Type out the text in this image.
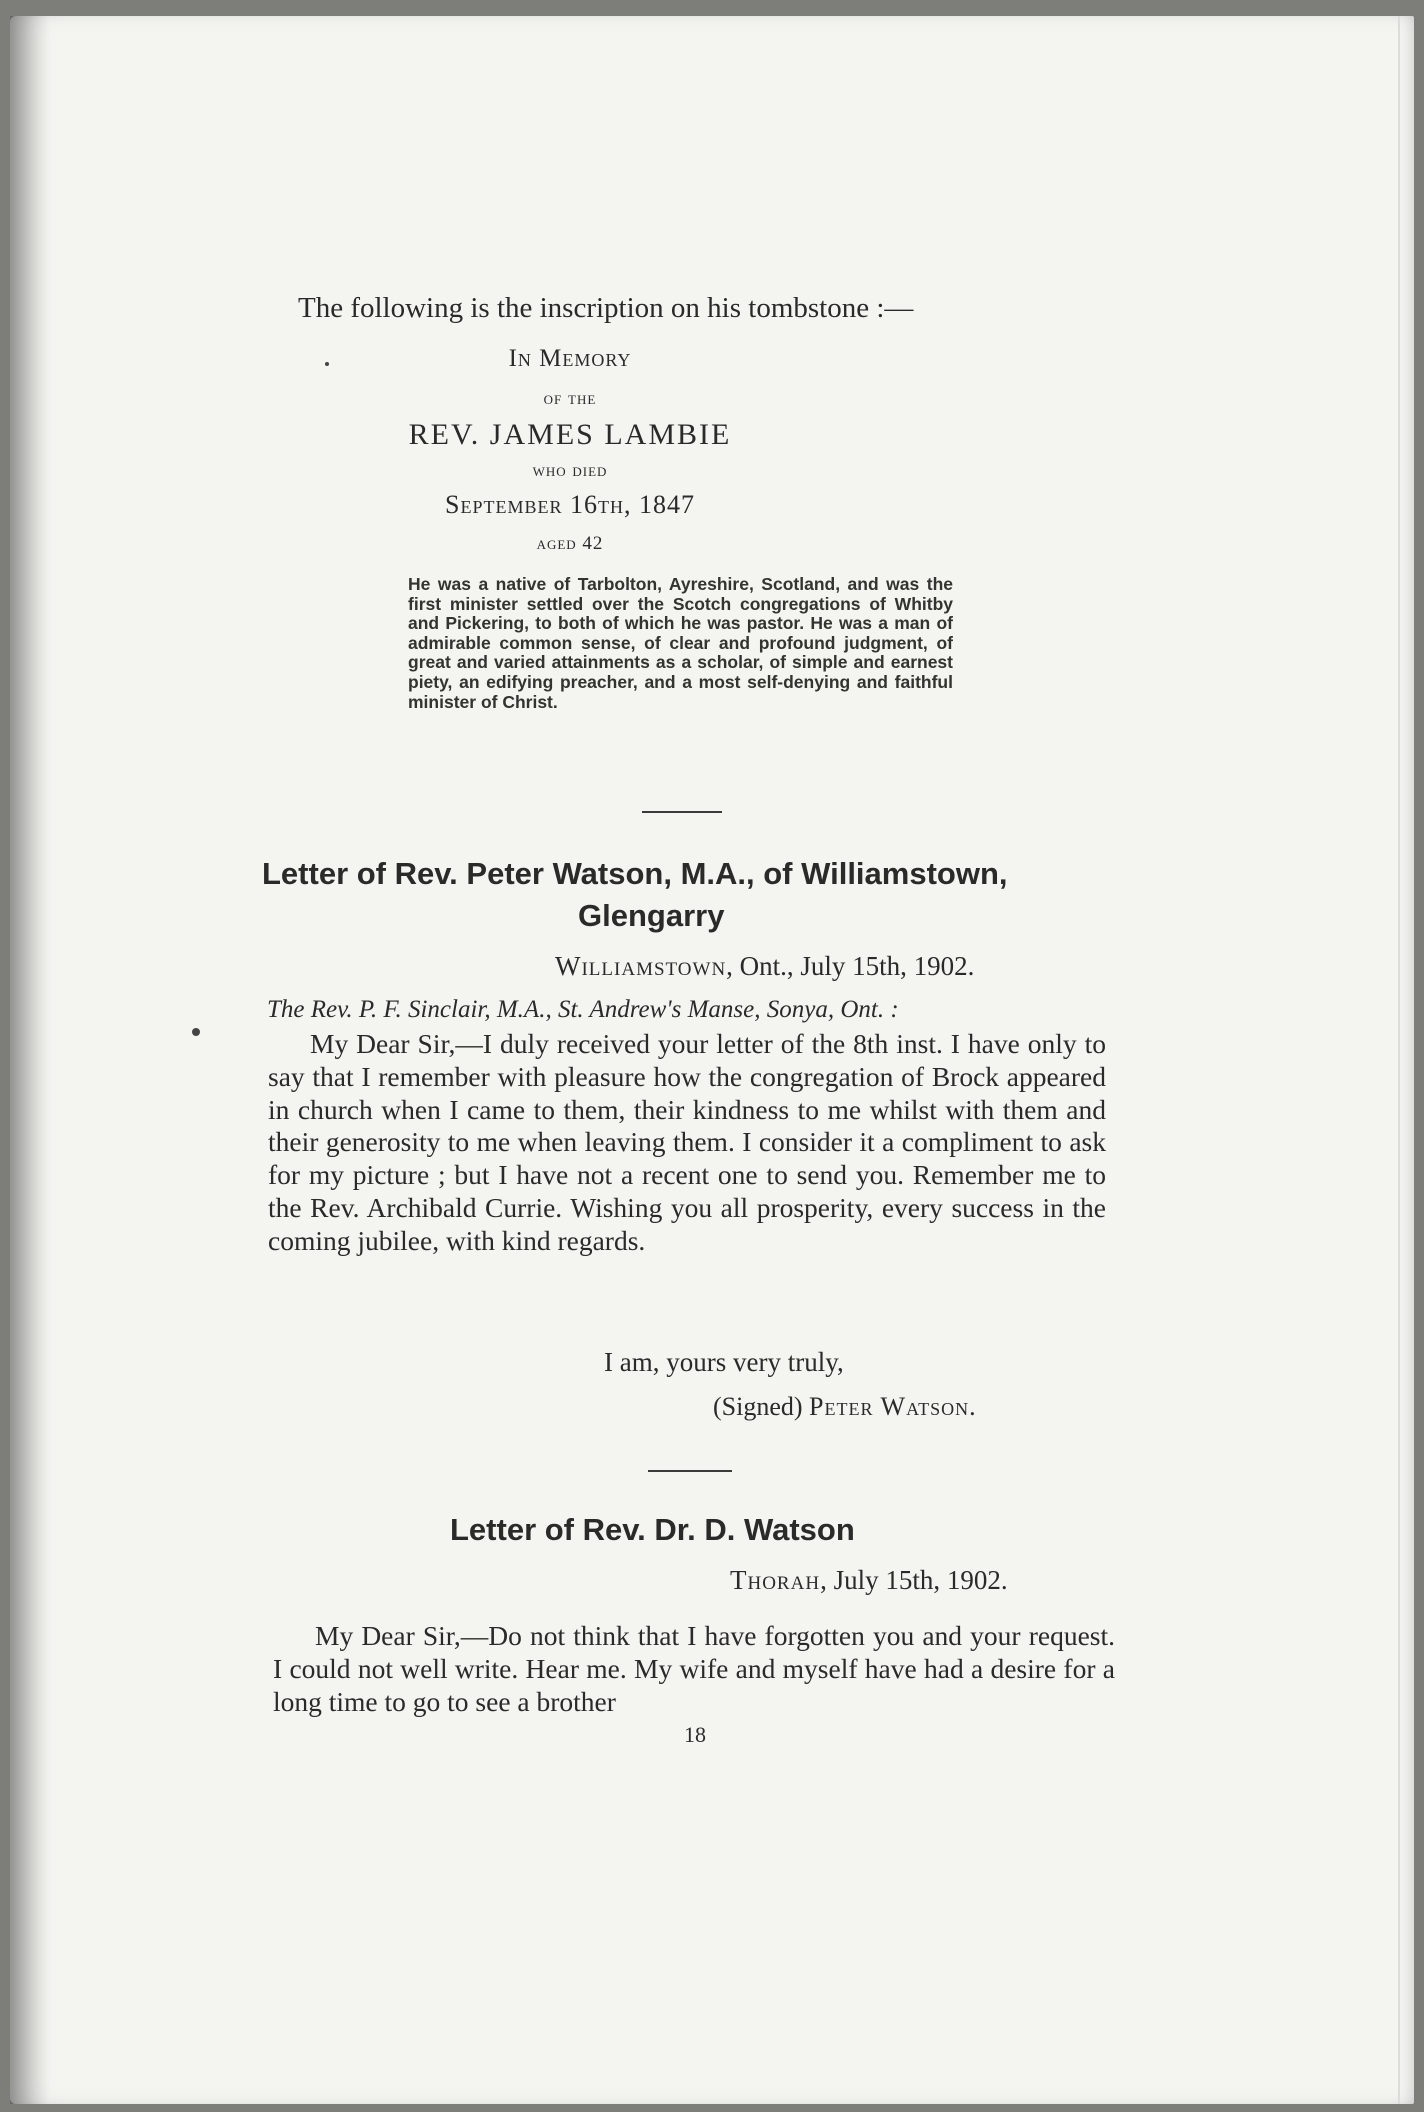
The following is the inscription on his tombstone :—
In Memory
of the
REV. JAMES LAMBIE
who died
September 16th, 1847
aged 42
He was a native of Tarbolton, Ayreshire, Scotland, and was the first minister settled over the Scotch congregations of Whitby and Pickering, to both of which he was pastor. He was a man of admirable common sense, of clear and profound judgment, of great and varied attainments as a scholar, of simple and earnest piety, an edifying preacher, and a most self-denying and faithful minister of Christ.
Letter of Rev. Peter Watson, M.A., of Williamstown,
Glengarry
Williamstown, Ont., July 15th, 1902.
The Rev. P. F. Sinclair, M.A., St. Andrew's Manse, Sonya, Ont. :
My Dear Sir,—I duly received your letter of the 8th inst. I have only to say that I remember with pleasure how the congregation of Brock appeared in church when I came to them, their kindness to me whilst with them and their generosity to me when leaving them. I consider it a compliment to ask for my picture ; but I have not a recent one to send you. Remember me to the Rev. Archibald Currie. Wishing you all prosperity, every success in the coming jubilee, with kind regards.
I am, yours very truly,
(Signed) Peter Watson.
Letter of Rev. Dr. D. Watson
Thorah, July 15th, 1902.
My Dear Sir,—Do not think that I have forgotten you and your request. I could not well write. Hear me. My wife and myself have had a desire for a long time to go to see a brother
18
